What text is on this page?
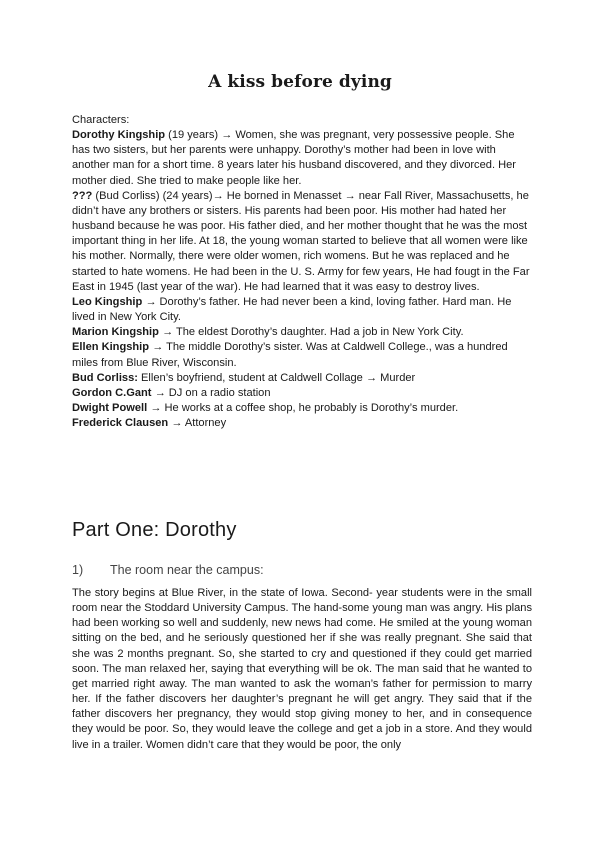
A kiss before dying

Characters:

Dorothy Kingship (19 years) → Women, she was pregnant, very possessive people. She has two sisters, but her parents were unhappy. Dorothy’s mother had been in love with another man for a short time. 8 years later his husband discovered, and they divorced. Her mother died. She tried to make people like her.

??? (Bud Corliss) (24 years)→ He borned in Menasset → near Fall River, Massachusetts, he didn’t have any brothers or sisters. His parents had been poor. His mother had hated her husband because he was poor. His father died, and her mother thought that he was the most important thing in her life. At 18, the young woman started to believe that all women were like his mother. Normally, there were older women, rich womens. But he was replaced and he started to hate womens. He had been in the U. S. Army for few years, He had fougt in the Far East in 1945 (last year of the war). He had learned that it was easy to destroy lives.

Leo Kingship → Dorothy’s father. He had never been a kind, loving father. Hard man. He lived in New York City.

Marion Kingship → The eldest Dorothy’s daughter. Had a job in New York City.

Ellen Kingship → The middle Dorothy’s sister. Was at Caldwell College., was a hundred miles from Blue River, Wisconsin.

Bud Corliss: Ellen’s boyfriend, student at Caldwell Collage → Murder

Gordon C.Gant → DJ on a radio station

Dwight Powell → He works at a coffee shop, he probably is Dorothy’s murder.

Frederick Clausen → Attorney

Part One: Dorothy
1) The room near the campus:

The story begins at Blue River, in the state of Iowa. Second- year students were in the small room near the Stoddard University Campus. The hand-some young man was angry. His plans had been working so well and suddenly, new news had come. He smiled at the young woman sitting on the bed, and he seriously questioned her if she was really pregnant. She said that she was 2 months pregnant. So, she started to cry and questioned if they could get married soon. The man relaxed her, saying that everything will be ok. The man said that he wanted to get married right away. The man wanted to ask the woman’s father for permission to marry her. If the father discovers her daughter’s pregnant he will get angry. They said that if the father discovers her pregnancy, they would stop giving money to her, and in consequence they would be poor. So, they would leave the college and get a job in a store. And they would live in a trailer. Women didn’t care that they would be poor, the only
